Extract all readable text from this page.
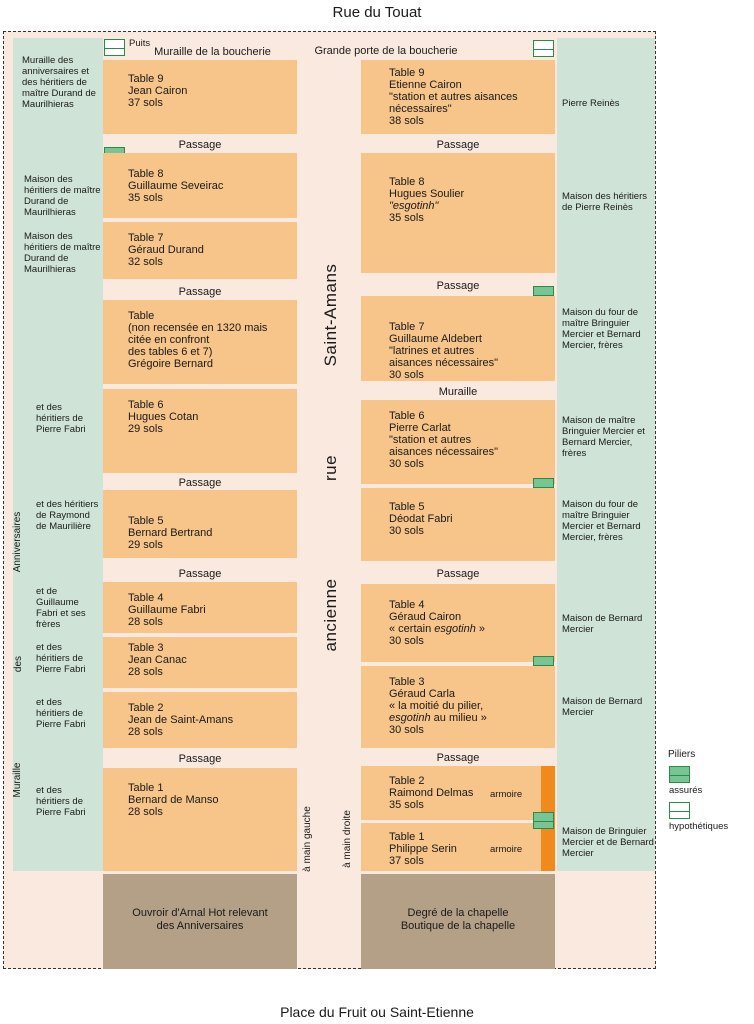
Rue du Touat
Puits
Muraille de la boucherie	Grande porte de la boucherie
Table 9
Jean Cairon
37 sols
Passage
Table 8
Guillaume Seveirac
35 sols
Table 7
Géraud Durand
32 sols
Passage
Table
(non recensée en 1320 mais
citée en confront
des tables 6 et 7)
Grégoire Bernard
Table 6
Hugues Cotan
29 sols
Passage
Table 5
Bernard Bertrand
29 sols
Passage
Table 4
Guillaume Fabri
28 sols
Table 3
Jean Canac
28 sols
Table 2
Jean de Saint-Amans
28 sols
Passage
Table 1
Bernard de Manso
28 sols
Muraille des anniversaires et des héritiers de maître Durand de Maurilhieras
Maison des héritiers de maître Durand de Maurilhieras
Maison des héritiers de maître Durand de Maurilhieras
et des héritiers de Pierre Fabri
et des héritiers de Raymond de Maurilière
et de Guillaume Fabri et ses frères
et des héritiers de Pierre Fabri
et des héritiers de Pierre Fabri
et des héritiers de Pierre Fabri
Anniversaires
des
Muraille
Saint-Amans
rue
ancienne
à main gauche	à main droite
Table 9
Etienne Cairon
"station et autres aisances
nécessaires"
38 sols
Passage
Table 8
Hugues Soulier
"esgotinh"
35 sols
Passage
Table 7
Guillaume Aldebert
"latrines et autres
aisances nécessaires"
30 sols
Muraille
Table 6
Pierre Carlat
"station et autres
aisances nécessaires"
30 sols
Table 5
Déodat Fabri
30 sols
Passage
Table 4
Géraud Cairon
« certain esgotinh »
30 sols
Table 3
Géraud Carla
« la moitié du pilier,
esgotinh au milieu »
30 sols
Passage
Table 2
Raimond Delmas
35 sols
Table 1
Philippe Serin
37 sols
armoire
armoire
Pierre Reinès
Maison des héritiers de Pierre Reinès
Maison du four de maître Bringuier Mercier et Bernard Mercier, frères
Maison de maître Bringuier Mercier et Bernard Mercier, frères
Maison du four de maître Bringuier Mercier et Bernard Mercier, frères
Maison de Bernard Mercier
Maison de Bernard Mercier
Maison de Bringuier Mercier et de Bernard Mercier
Ouvroir d'Arnal Hot relevant
des Anniversaires
Degré de la chapelle
Boutique de la chapelle
Piliers
assurés
hypothétiques
Place du Fruit ou Saint-Etienne
